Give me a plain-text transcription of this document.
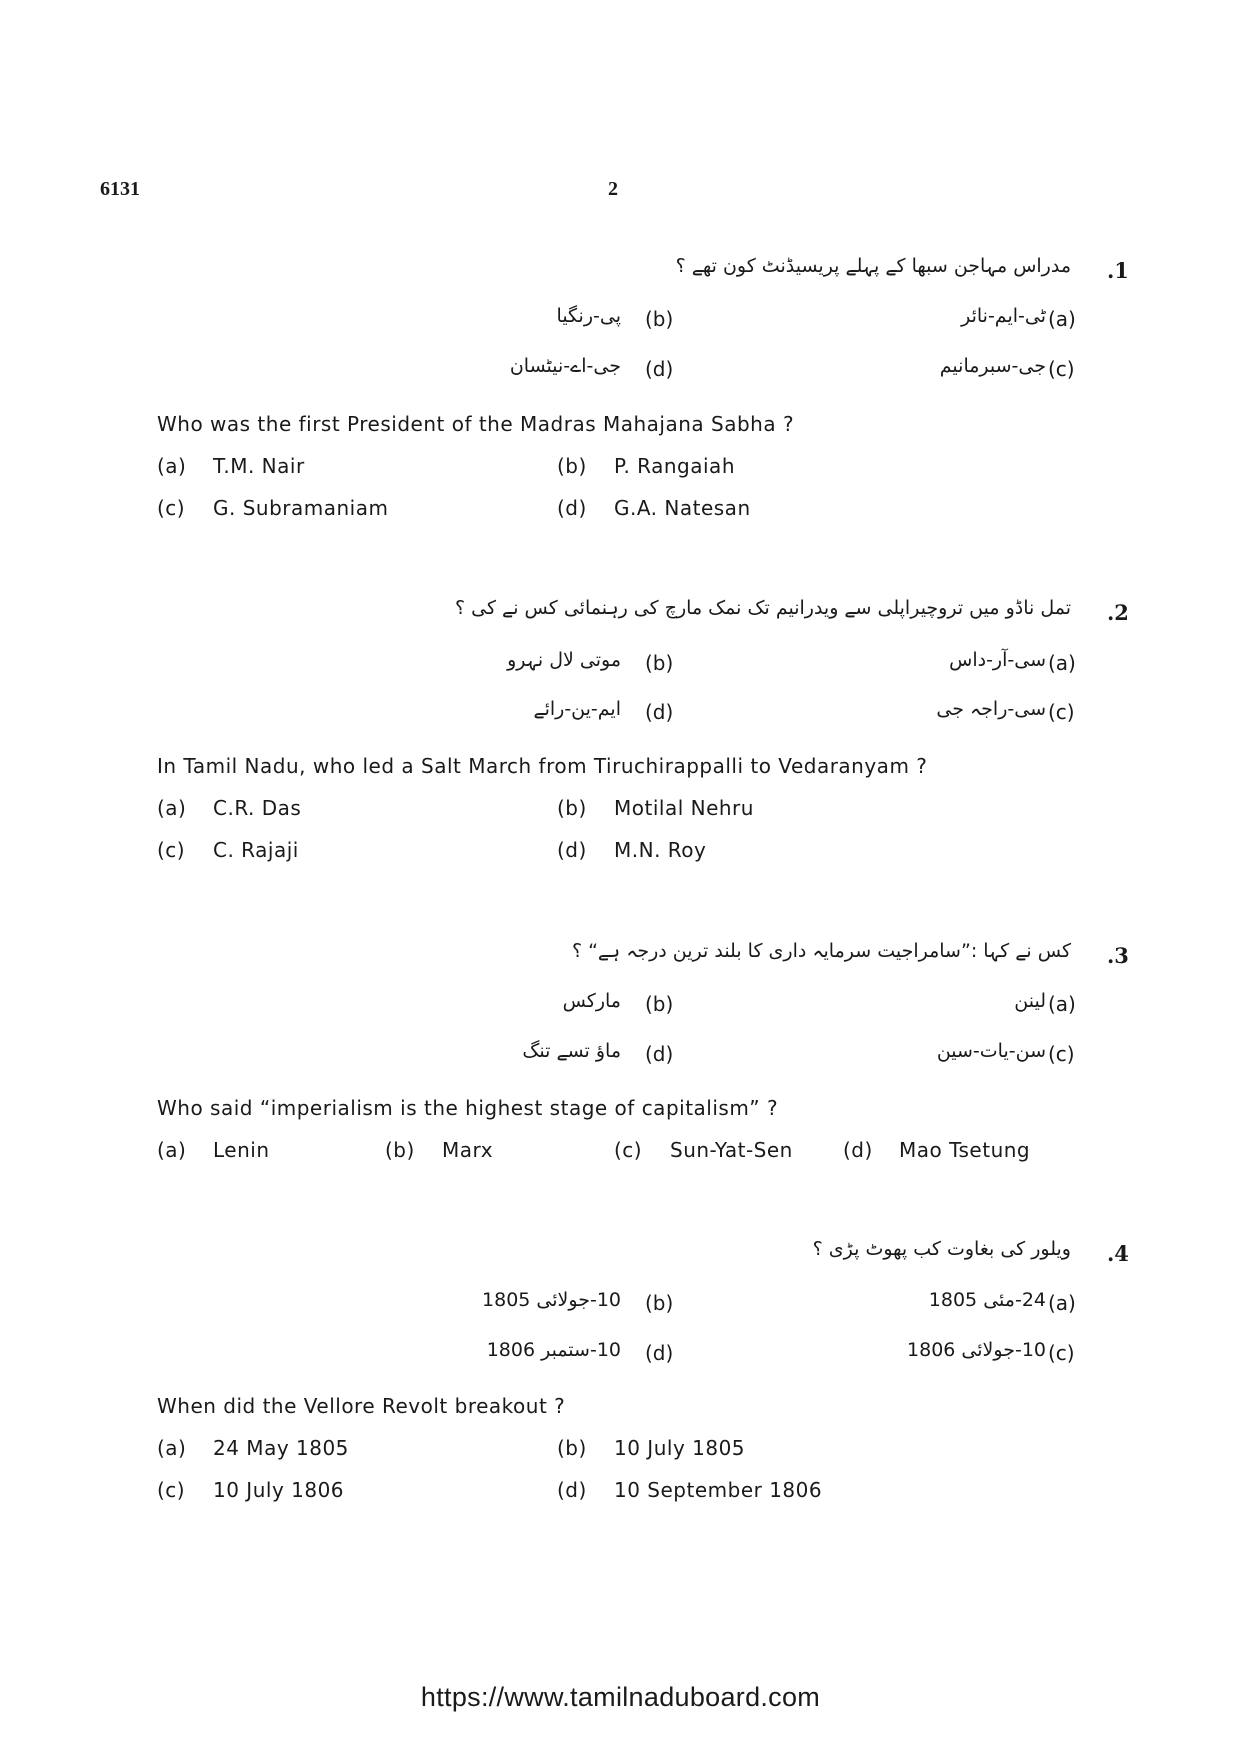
6131	2
.1
مدراس مہاجن سبھا کے پہلے پریسیڈنٹ کون تھے ؟
(a)
ٹی-ایم-نائر
(b)
پی-رنگیا
(c)
جی-سبرمانیم
(d)
جی-اے-نیٹسان
Who was the first President of the Madras Mahajana Sabha ?
(a) T.M. Nair	(b) P. Rangaiah
(c) G. Subramaniam	(d) G.A. Natesan
.2
تمل ناڈو میں تروچیراپلی سے ویدرانیم تک نمک مارچ کی رہنمائی کس نے کی ؟
(a)
سی-آر-داس
(b)
موتی لال نہرو
(c)
سی-راجہ جی
(d)
ایم-ین-رائے
In Tamil Nadu, who led a Salt March from Tiruchirappalli to Vedaranyam ?
(a) C.R. Das	(b) Motilal Nehru
(c) C. Rajaji	(d) M.N. Roy
.3
کس نے کہا :”سامراجیت سرمایہ داری کا بلند ترین درجہ ہے“ ؟
(a)
لینن
(b)
مارکس
(c)
سن-یات-سین
(d)
ماؤ تسے تنگ
Who said “imperialism is the highest stage of capitalism” ?
(a) Lenin	(b) Marx	(c) Sun-Yat-Sen	(d) Mao Tsetung
.4
ویلور کی بغاوت کب پھوٹ پڑی ؟
(a)
24-مئی 1805
(b)
10-جولائی 1805
(c)
10-جولائی 1806
(d)
10-ستمبر 1806
When did the Vellore Revolt breakout ?
(a) 24 May 1805	(b) 10 July 1805
(c) 10 July 1806	(d) 10 September 1806
https://www.tamilnaduboard.com
